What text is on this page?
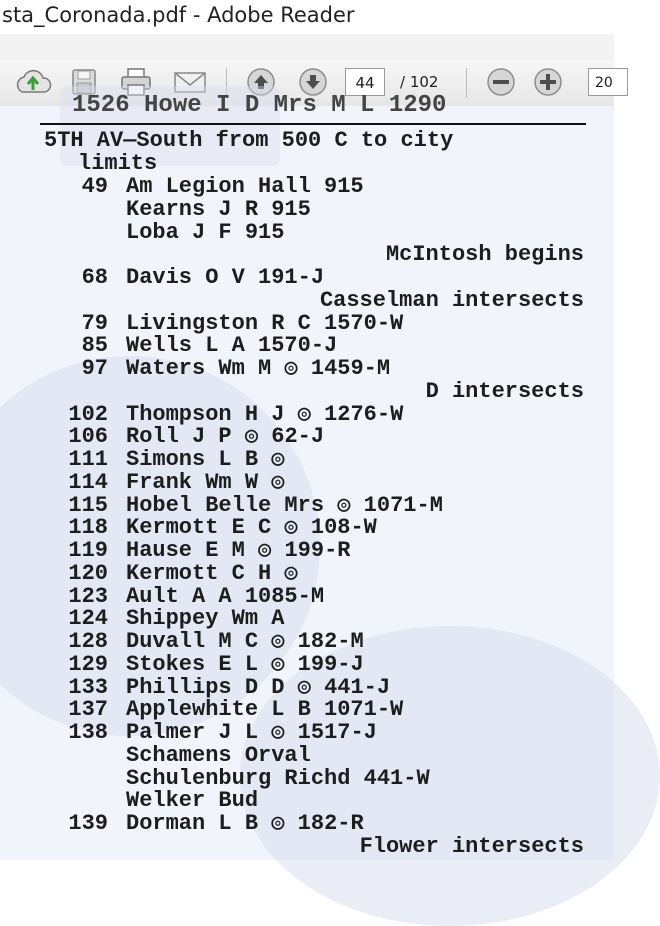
sta_Coronada.pdf - Adobe Reader
44	/ 102	20
1526 Howe I D Mrs M L 1290
5TH AV—South from 500 C to city
limits
49 Am Legion Hall 915
Kearns J R 915
Loba J F 915
McIntosh begins
68 Davis O V 191-J
Casselman intersects
79 Livingston R C 1570-W
85 Wells L A 1570-J
97 Waters Wm M ◎ 1459-M
D intersects
102 Thompson H J ◎ 1276-W
106 Roll J P ◎ 62-J
111 Simons L B ◎
114 Frank Wm W ◎
115 Hobel Belle Mrs ◎ 1071-M
118 Kermott E C ◎ 108-W
119 Hause E M ◎ 199-R
120 Kermott C H ◎
123 Ault A A 1085-M
124 Shippey Wm A
128 Duvall M C ◎ 182-M
129 Stokes E L ◎ 199-J
133 Phillips D D ◎ 441-J
137 Applewhite L B 1071-W
138 Palmer J L ◎ 1517-J
Schamens Orval
Schulenburg Richd 441-W
Welker Bud
139 Dorman L B ◎ 182-R
Flower intersects
